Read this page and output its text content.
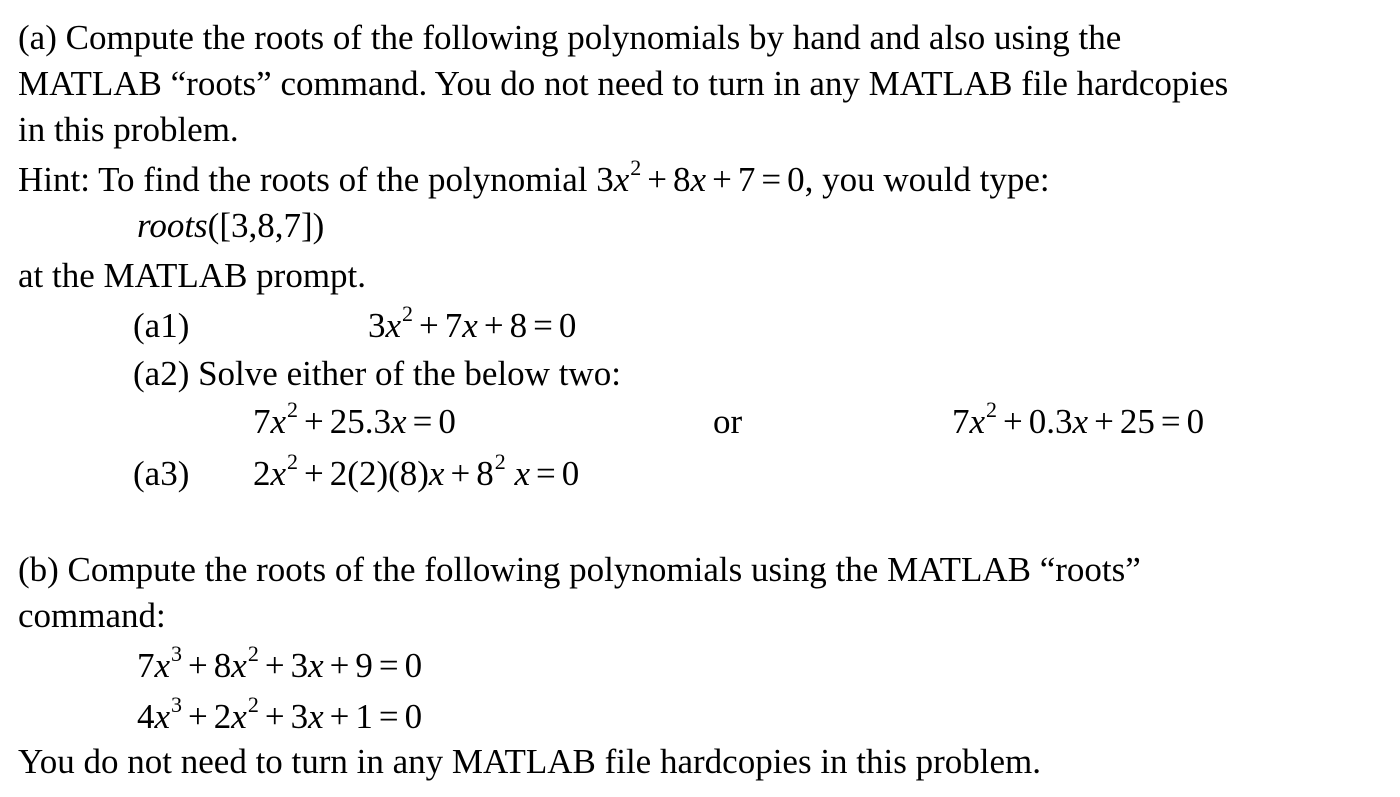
(a) Compute the roots of the following polynomials by hand and also using the
MATLAB “roots” command. You do not need to turn in any MATLAB file hardcopies
in this problem.
Hint: To find the roots of the polynomial $3x^2 + 8x + 7 = 0$, you would type:
roots([3,8,7])
at the MATLAB prompt.
(a1)	$3x^2 + 7x + 8 = 0$
(a2) Solve either of the below two:
$7x^2 + 25.3x = 0$	or	$7x^2 + 0.3x + 25 = 0$
(a3) $2x^2 + 2(2)(8)x + 8^2$ x = 0
(b) Compute the roots of the following polynomials using the MATLAB “roots”
command:
$7x^3 + 8x^2 + 3x + 9 = 0$
$4x^3 + 2x^2 + 3x + 1 = 0$
You do not need to turn in any MATLAB file hardcopies in this problem.
